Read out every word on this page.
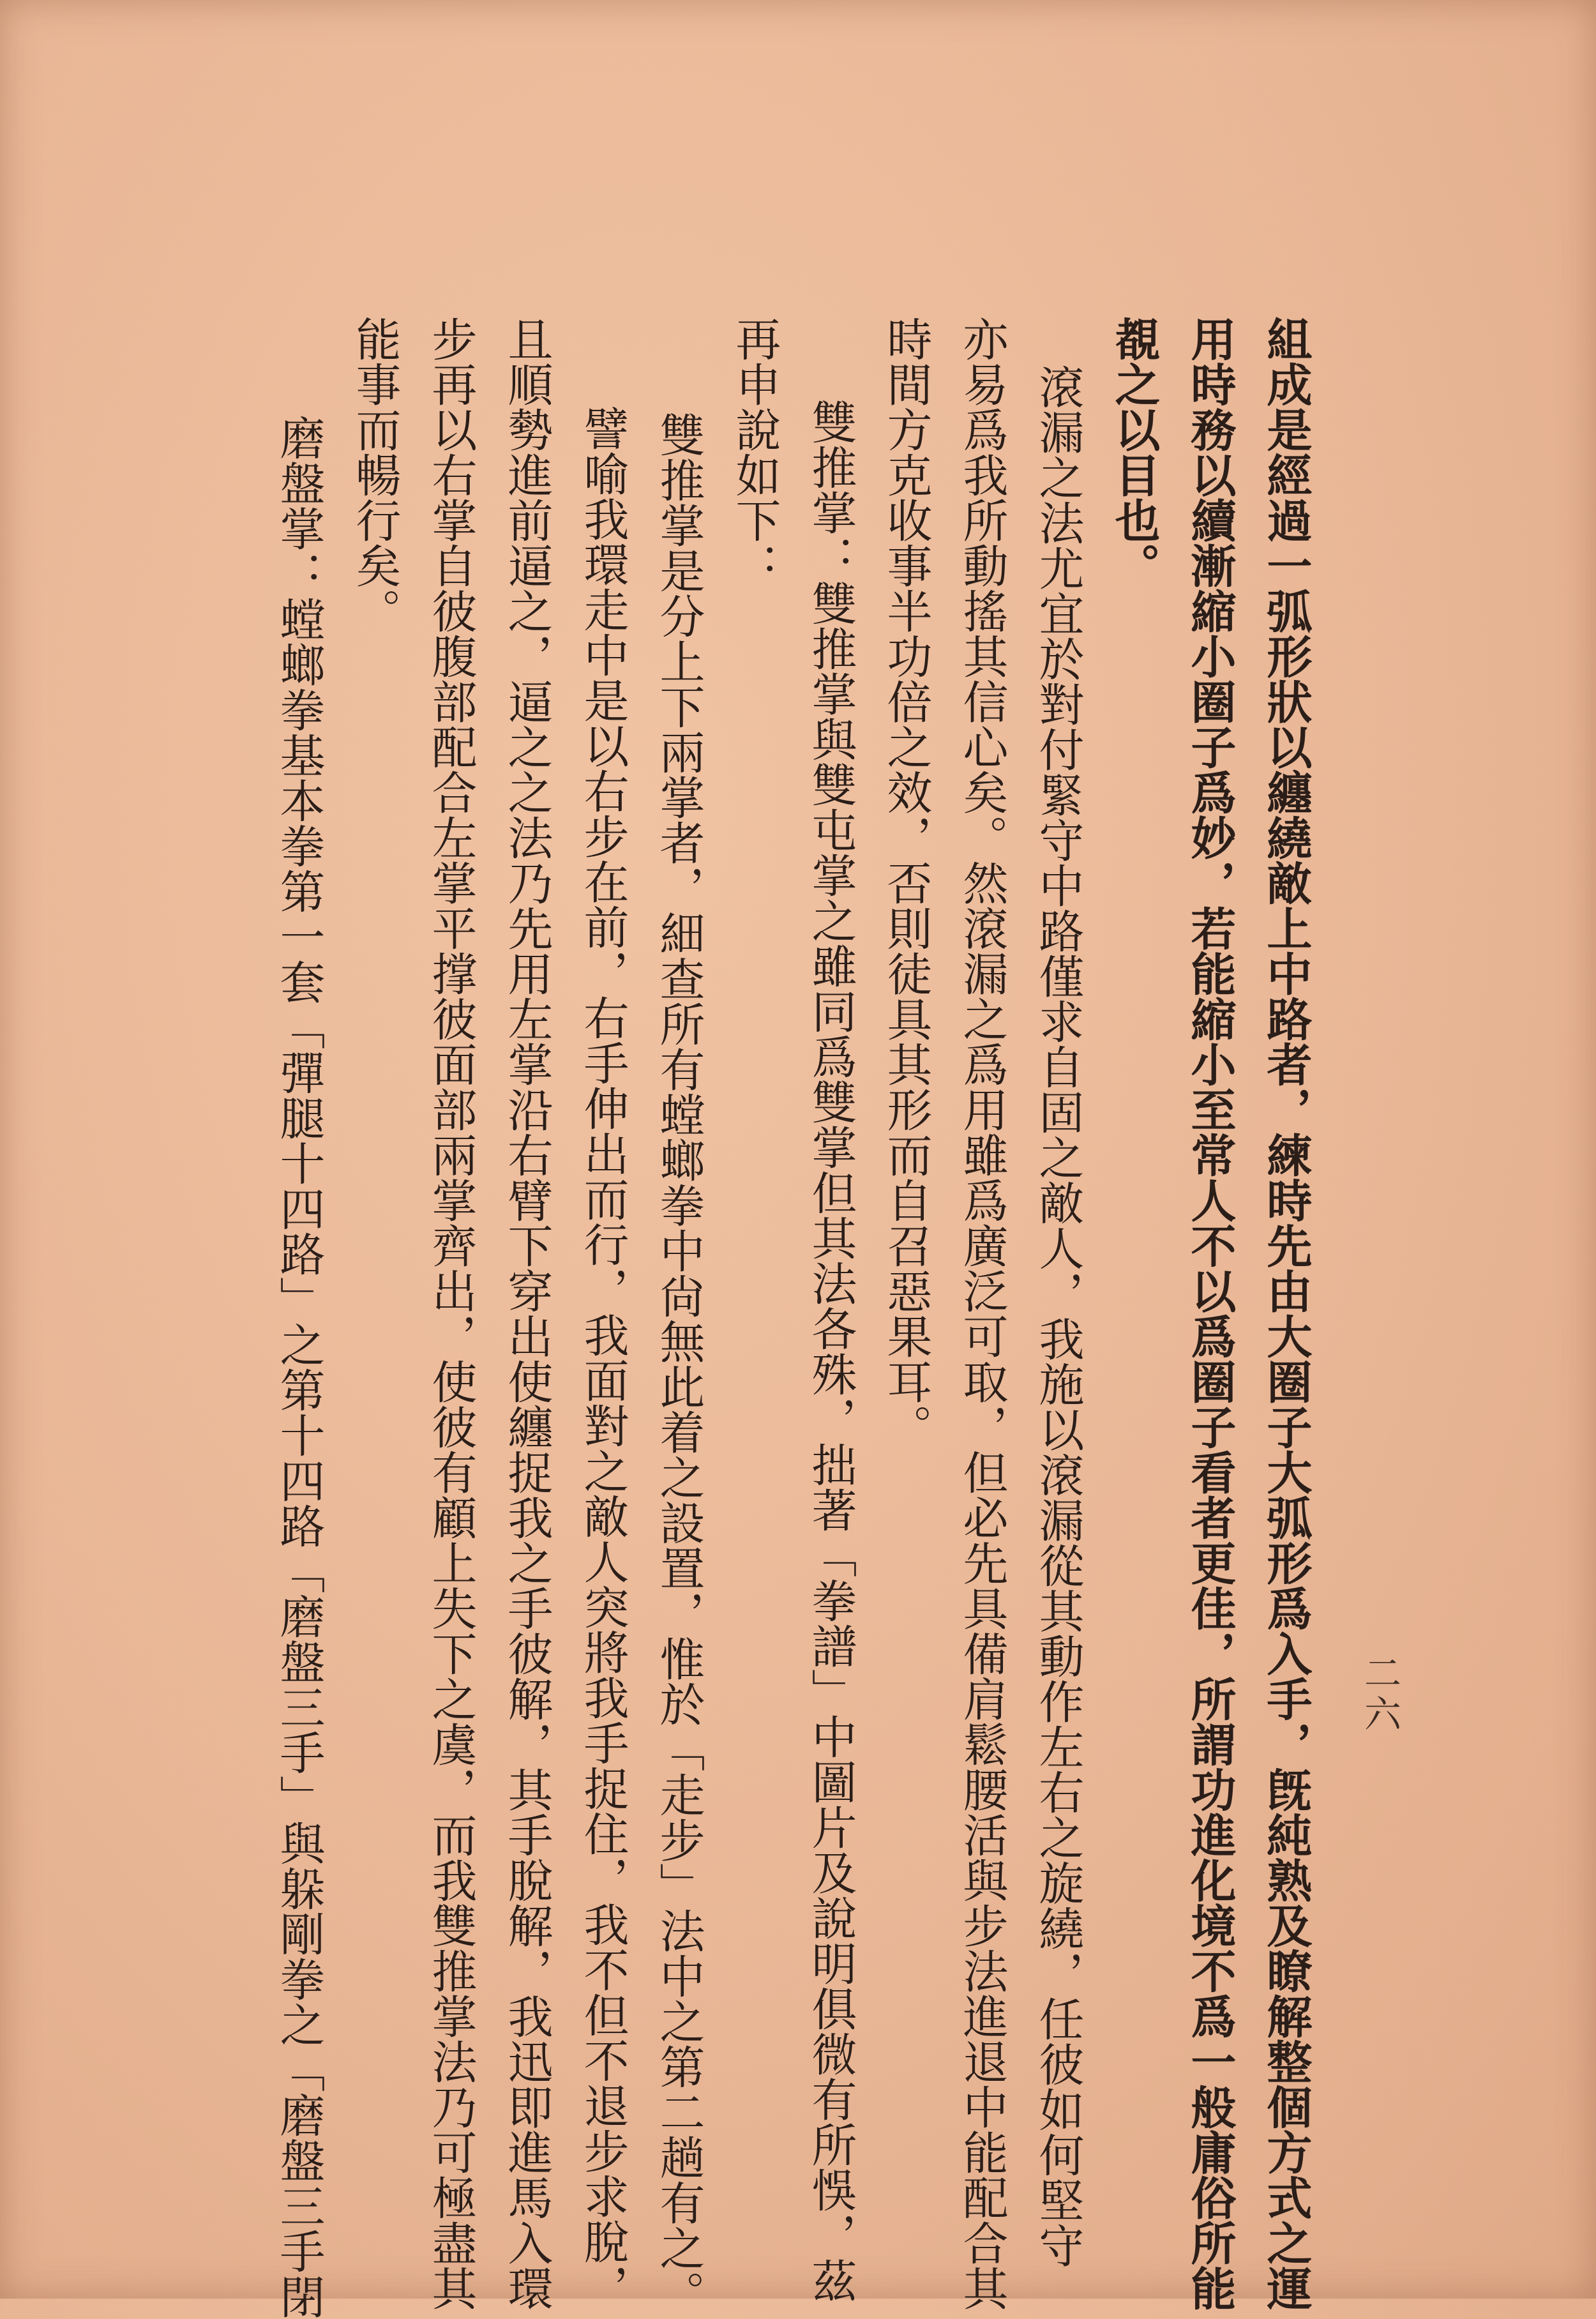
二六
組成是經過一弧形狀以纏繞敵上中路者，練時先由大圈子大弧形爲入手，旣純熟及瞭解整個方式之運
用時務以續漸縮小圈子爲妙，若能縮小至常人不以爲圈子看者更佳，所謂功進化境不爲一般庸俗所能
覩之以目也。
滾漏之法尤宜於對付緊守中路僅求自固之敵人，我施以滾漏從其動作左右之旋繞，任彼如何堅守
亦易爲我所動搖其信心矣。然滾漏之爲用雖爲廣泛可取，但必先具備肩鬆腰活與步法進退中能配合其
時間方克收事半功倍之效，否則徒具其形而自召惡果耳。
雙推掌：雙推掌與雙屯掌之雖同爲雙掌但其法各殊，拙著「拳譜」中圖片及說明俱微有所悞，茲
再申說如下：
雙推掌是分上下兩掌者，細查所有螳螂拳中尙無此着之設置，惟於「走步」法中之第二趟有之。
譬喻我環走中是以右步在前，右手伸出而行，我面對之敵人突將我手捉住，我不但不退步求脫，
且順勢進前逼之，逼之之法乃先用左掌沿右臂下穿出使纏捉我之手彼解，其手脫解，我迅即進馬入環
步再以右掌自彼腹部配合左掌平撑彼面部兩掌齊出，使彼有顧上失下之虞，而我雙推掌法乃可極盡其
能事而暢行矣。
磨盤掌：螳螂拳基本拳第一套「彈腿十四路」之第十四路「磨盤三手」與躲剛拳之「磨盤三手閉
